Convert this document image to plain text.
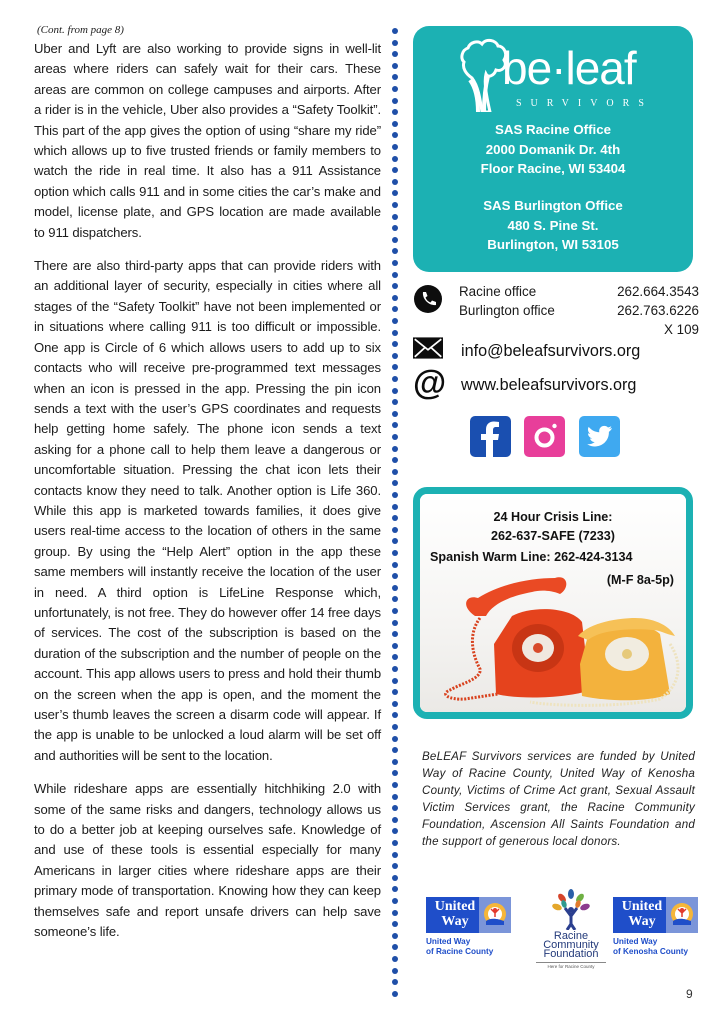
(Cont. from page 8)

Uber and Lyft are also working to provide signs in well-lit areas where riders can safely wait for their cars. These areas are common on college campuses and airports. After a rider is in the vehicle, Uber also provides a “Safety Toolkit”. This part of the app gives the option of using “share my ride” which allows up to five trusted friends or family members to watch the ride in real time. It also has a 911 Assistance option which calls 911 and in some cities the car’s make and model, license plate, and GPS location are made available to 911 dispatchers.

There are also third-party apps that can provide riders with an additional layer of security, especially in cities where all stages of the “Safety Toolkit” have not been implemented or in situations where calling 911 is too difficult or impossible. One app is Circle of 6 which allows users to add up to six contacts who will receive pre-programmed text messages when an icon is pressed in the app. Pressing the pin icon sends a text with the user’s GPS coordinates and requests help getting home safely. The phone icon sends a text asking for a phone call to help them leave a dangerous or uncomfortable situation. Pressing the chat icon lets their contacts know they need to talk. Another option is Life 360. While this app is marketed towards families, it does give users real-time access to the location of others in the same group. By using the “Help Alert” option in the app these same members will instantly receive the location of the user in need. A third option is LifeLine Response which, unfortunately, is not free. They do however offer 14 free days of services. The cost of the subscription is based on the duration of the subscription and the number of people on the account. This app allows users to press and hold their thumb on the screen when the app is open, and the moment the user’s thumb leaves the screen a disarm code will appear. If the app is unable to be unlocked a loud alarm will be set off and authorities will be sent to the location.

While rideshare apps are essentially hitchhiking 2.0 with some of the same risks and dangers, technology allows us to do a better job at keeping ourselves safe. Knowledge of and use of these tools is essential especially for many Americans in larger cities where rideshare apps are their primary mode of transportation. Knowing how they can keep themselves safe and report unsafe drivers can help save someone’s life.

be·leaf
SURVIVORS
SAS Racine Office
2000 Domanik Dr. 4th
Floor Racine, WI 53404
SAS Burlington Office
480 S. Pine St.
Burlington, WI 53105
Racine office	262.664.3543
Burlington office	262.763.6226
X 109
info@beleafsurvivors.org
@ www.beleafsurvivors.org
24 Hour Crisis Line:
262-637-SAFE (7233)
Spanish Warm Line: 262-424-3134
(M-F 8a-5p)

BeLEAF Survivors services are funded by United Way of Racine County, United Way of Kenosha County, Victims of Crime Act grant, Sexual Assault Victim Services grant, the Racine Community Foundation, Ascension All Saints Foundation and the support of generous local donors.

United
Way
United Way
of Racine County
Racine
Community
Foundation
Here for Racine County
United
Way
United Way
of Kenosha County
9
